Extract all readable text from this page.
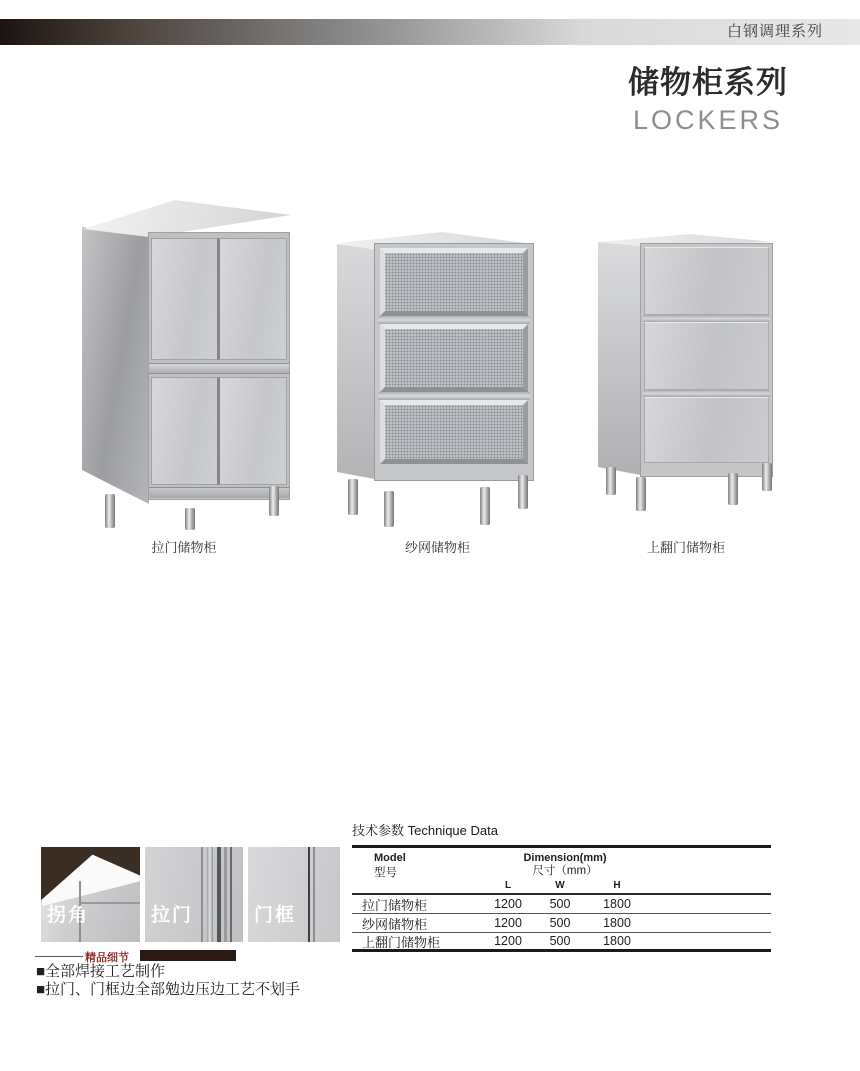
白钢调理系列
储物柜系列
LOCKERS
拉门储物柜	纱网储物柜	上翻门储物柜
技术参数 Technique Data
Model
型号
Dimension(mm)
尺寸（mm）
L	W	H
拉门储物柜	1200	500	1800
纱网储物柜	1200	500	1800
上翻门储物柜	1200	500	1800
拐角	拉门	门框
精品细节
■全部焊接工艺制作
■拉门、门框边全部勉边压边工艺不划手
